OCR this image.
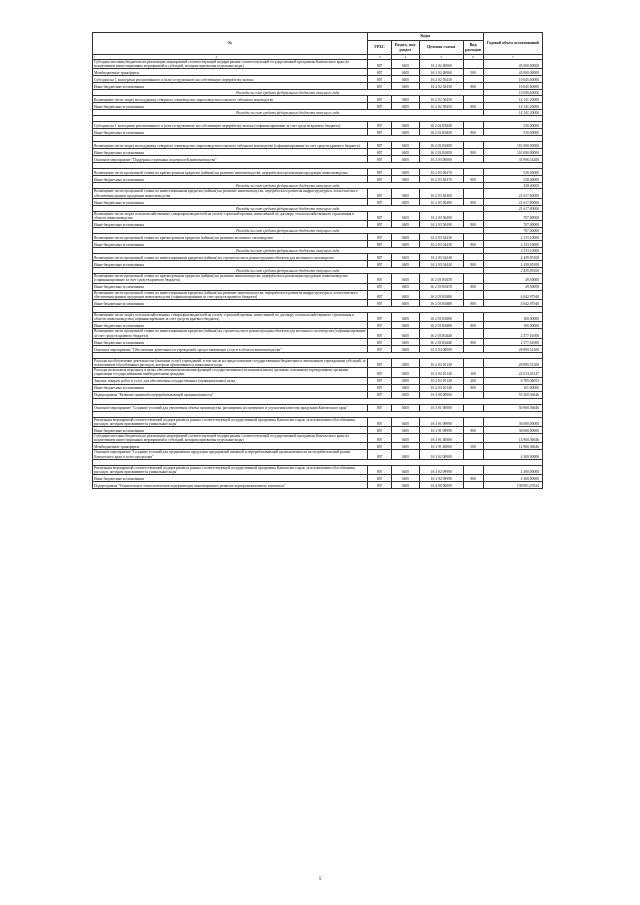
№	Коды				Годовой объем ассигнований
	ГРБС	Раздел, под-раздел	Целевая статья	Вид расходов	
1 2	3	4	5	6	7
Субсидии местным бюджетам на реализацию мероприятий соответствующей подпрограммы соответствующей государственной программы Камчатского края (за исключением инвестиционных мероприятий и субсидий, которым присвоены отдельные коды)	807	0405	16 2 02 40060		45 000,00000
Межбюджетные трансферты	807	0405	16 2 02 40060	500	45 000,00000
Субсидии на 1 килограмм реализованного и (или) отгруженного на собственную переработку молока	807	0405	16 2 02 50430		10 045,60000
Иные бюджетные ассигнования	807	0405	16 2 02 50430	800	10 045,60000
Расходы за счет средств федерального бюджета текущего года					10 045,60000
Возмещение части затрат на поддержку северного оленеводства, мараловодства и мясного табунного коневодства	807	0405	16 2 02 50450		14 141,20000
Иные бюджетные ассигнования	807	0405	16 2 02 50450	800	14 141,20000
Расходы за счет средств федерального бюджета текущего года					14 141,20000

Субсидии на 1 килограмм реализованного и (или) отгруженного на собственную переработку молока (софинансирование за счет средств краевого бюджета)	807	0405	16 2 02 R0430		530,00000
Иные бюджетные ассигнования	807	0405	16 2 02 R0430	800	530,00000

Возмещение части затрат на поддержку северного оленеводства, мараловодства и мясного табунного коневодства (софинансирование за счет средств краевого бюджета)	807	0405	16 2 02 R0450		110 000,00000
Иные бюджетные ассигнования	807	0405	16 2 02 R0450	800	110 000,00000
Основное мероприятие "Поддержка отдельных подотраслей животноводства"	807	0405	16 2 03 00000		33 996,54200

Возмещение части процентной ставки по краткосрочным кредитам (займам) на развитие животноводства, переработки и реализации продукции животноводства	807	0405	16 2 03 50470		528,40000
Иные бюджетные ассигнования	807	0405	16 2 03 50470	800	528,40000
Расходы за счет средств федерального бюджета текущего года					528,40000
Возмещение части процентной ставки по инвестиционным кредитам (займам) на развитие животноводства, переработки и развития инфраструктуры и логистического обеспечения рынков продукции животноводства	807	0405	16 2 03 50480		21 617,80000
Иные бюджетные ассигнования	807	0405	16 2 03 50480	800	21 617,80000
Расходы за счет средств федерального бюджета текущего года					21 617,80000
Возмещение части затрат сельскохозяйственных товаропроизводителей на уплату страховой премии, начисленной по договору сельскохозяйственного страхования в области животноводства	807	0405	16 2 03 50490		707,00000
Иные бюджетные ассигнования	807	0405	16 2 03 50490	800	707,00000
Расходы за счет средств федерального бюджета текущего года					707,00000
Возмещение части процентной ставки по краткосрочным кредитам (займам) на развитие молочного скотоводства	807	0405	16 2 03 54430		2 133,10000
Иные бюджетные ассигнования	807	0405	16 2 03 54430	800	2 133,10000
Расходы за счет средств федерального бюджета текущего года					2 133,10000
Возмещение части процентной ставки по инвестиционным кредитам (займам) на строительство и реконструкцию объектов для молочного скотоводства	807	0405	16 2 03 54440		2 439,95100
Иные бюджетные ассигнования	807	0405	16 2 03 54440	800	2 439,95100
Расходы за счет средств федерального бюджета текущего года					2 439,95100
Возмещение части процентной ставки по краткосрочным кредитам (займам) на развитие животноводства, переработки и реализации продукции животноводства (софинансирование за счет средств краевого бюджета)	807	0405	16 2 03 R0470		49,50000
Иные бюджетные ассигнования	807	0405	16 2 03 R0470	800	49,50000
Возмещение части процентной ставки по инвестиционным кредитам (займам) на развитие животноводства, переработки и развития инфраструктуры и логистического обеспечения рынков продукции животноводства (софинансирование за счет средств краевого бюджета)	807	0405	16 2 03 R0480		4 042,97940
Иные бюджетные ассигнования	807	0405	16 2 03 R0480	800	4 042,97940

Возмещение части затрат сельскохозяйственных товаропроизводителей на уплату страховой премии, начисленной по договору сельскохозяйственного страхования в области животноводства (софинансирование за счет средств краевого бюджета)	807	0405	16 2 03 R0490		100,00000
Иные бюджетные ассигнования	807	0405	16 2 03 R0490	800	100,00000
Возмещение части процентной ставки по инвестиционным кредитам (займам) на строительство и реконструкцию объектов для молочного скотоводства (софинансирование за счет средств краевого бюджета)	807	0405	16 2 03 R4440		2 377,61000
Иные бюджетные ассигнования	807	0405	16 2 03 R4440	800	2 377,61000
Основное мероприятие "Обеспечение деятельности учреждений, предоставляющих услуги в области животноводства"	807	0405	16 2 04 00000		28 899,51200

Расходы на обеспечение деятельности (оказание услуг) учреждений, в том числе на предоставление государственным бюджетным и автономным учреждениям субсидий, за исключением обособленных расходов, которым присваиваются уникальные коды	807	0405	16 2 04 10140		28 899,51200
Расходы на выплаты персоналу в целях обеспечения выполнения функций государственными (муниципальными) органами, казенными учреждениями, органами управления государственными внебюджетными фондами	807	0405	16 2 04 10140	100	22 013,45147
Закупка товаров, работ и услуг для обеспечения государственных (муниципальных) нужд	807	0405	16 2 04 10140	200	6 785,06053
Иные бюджетные ассигнования	807	0405	16 2 04 10140	800	101,00000
Подпрограмма "Развитие пищевой и перерабатывающей промышленности"	807	0405	16 3 00 00000		55 260,36646

Основное мероприятие "Создание условий для увеличения объема производства, расширения ассортимента и улучшения качества продукции Камчатского края"	807	0405	16 3 01 00000		50 960,36646

Реализация мероприятий соответствующей подпрограммы в рамках соответствующей государственной программы Камчатского края, за исключением обособленных расходов, которым присваиваются уникальные коды	807	0405	16 3 01 09990		36 000,00000
Иные бюджетные ассигнования	807	0405	16 3 01 09990	800	36 000,00000
Субсидии местным бюджетам на реализацию мероприятий соответствующей подпрограммы соответствующей государственной программы Камчатского края (за исключением инвестиционных мероприятий и субсидий, которым присвоены отдельные коды)	807	0405	16 3 01 40060		14 960,36646
Межбюджетные трансферты	807	0405	16 3 01 40060	500	14 960,36646
Основное мероприятие "Создание условий для продвижения продукции предприятий пищевой и перерабатывающей промышленности на потребительский рынок Камчатского края и за его пределами"	807	0405	16 3 02 00000		4 300,00000

Реализация мероприятий соответствующей подпрограммы в рамках соответствующей государственной программы Камчатского края, за исключением обособленных расходов, которым присваиваются уникальные коды	807	0405	16 3 02 09990		4 300,00000
Иные бюджетные ассигнования	807	0405	16 3 02 09990	800	4 300,00000
Подпрограмма "Техническая и технологическая модернизация, инновационное развитие агропромышленного комплекса"	807	0405	16 4 00 00000		138 091,25534
5
